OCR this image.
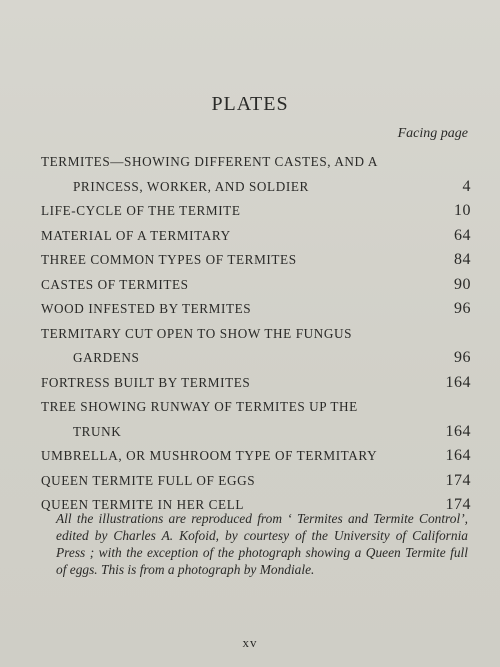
PLATES
Facing page
TERMITES—SHOWING DIFFERENT CASTES, AND A
PRINCESS, WORKER, AND SOLDIER	4
LIFE-CYCLE OF THE TERMITE	10
MATERIAL OF A TERMITARY	64
THREE COMMON TYPES OF TERMITES	84
CASTES OF TERMITES	90
WOOD INFESTED BY TERMITES	96
TERMITARY CUT OPEN TO SHOW THE FUNGUS
GARDENS	96
FORTRESS BUILT BY TERMITES	164
TREE SHOWING RUNWAY OF TERMITES UP THE
TRUNK	164
UMBRELLA, OR MUSHROOM TYPE OF TERMITARY	164
QUEEN TERMITE FULL OF EGGS	174
QUEEN TERMITE IN HER CELL	174
All the illustrations are reproduced from ‘ Termites and Termite Control’, edited by Charles A. Kofoid, by courtesy of the University of California Press ; with the exception of the photograph showing a Queen Termite full of eggs. This is from a photograph by Mondiale.
xv
